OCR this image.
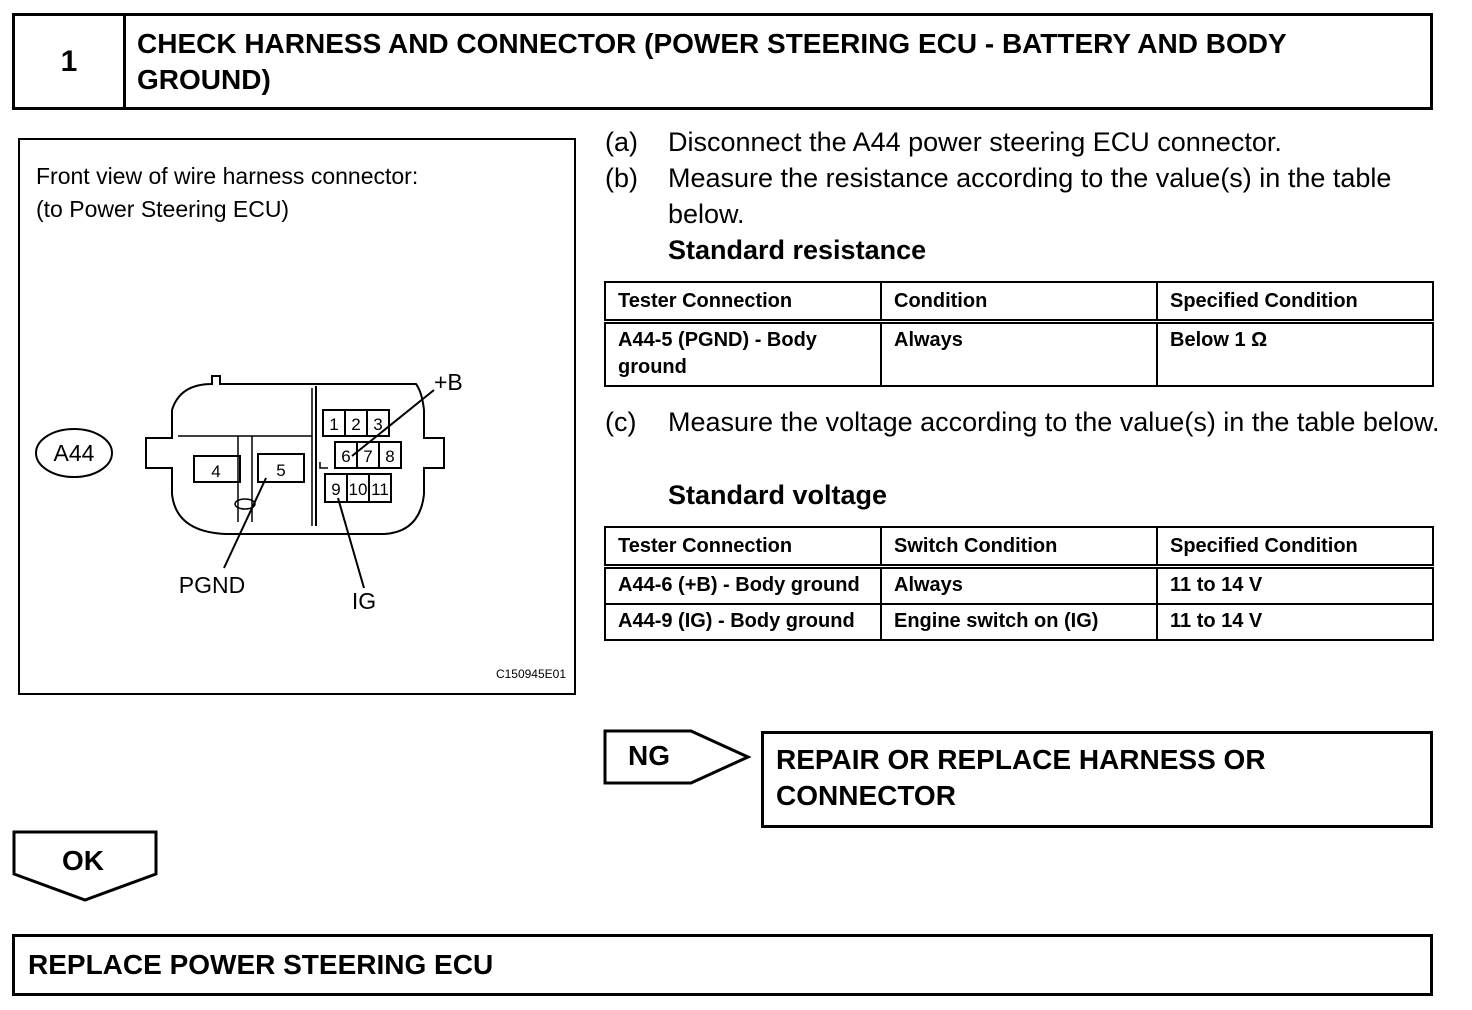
1
CHECK HARNESS AND CONNECTOR (POWER STEERING ECU - BATTERY AND BODY GROUND)
Front view of wire harness connector:
(to Power Steering ECU)
A44
4	5
1 2 3
6 7 8
9 10 11
+B
PGND
IG
C150945E01
(a) Disconnect the A44 power steering ECU connector.
(b) Measure the resistance according to the value(s) in the table below.
Standard resistance
Tester Connection	Condition	Specified Condition
A44-5 (PGND) - Body ground	Always	Below 1 Ω
(c) Measure the voltage according to the value(s) in the table below.
Standard voltage
Tester Connection	Switch Condition	Specified Condition
A44-6 (+B) - Body ground	Always	11 to 14 V
A44-9 (IG) - Body ground	Engine switch on (IG)	11 to 14 V
NG	REPAIR OR REPLACE HARNESS OR CONNECTOR
OK
REPLACE POWER STEERING ECU
